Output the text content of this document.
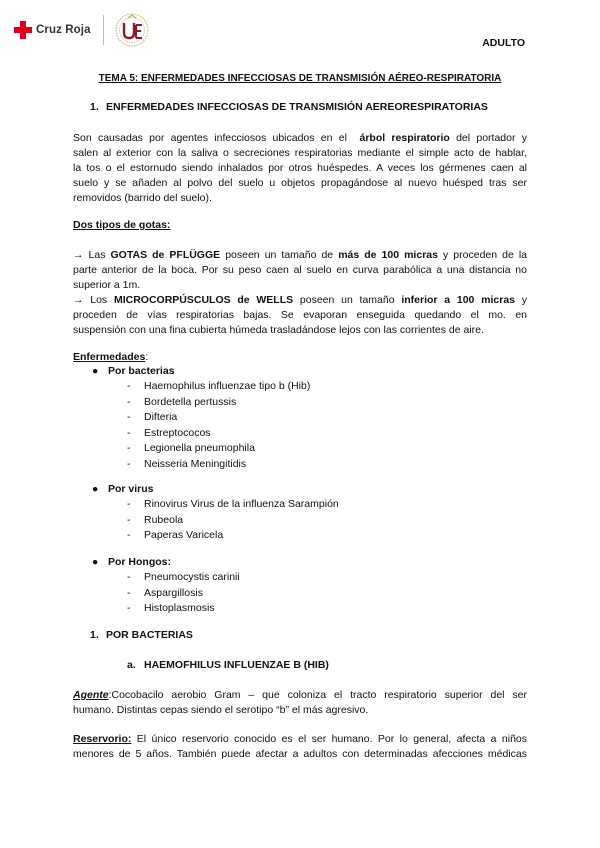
Cruz Roja
ADULTO
TEMA 5: ENFERMEDADES INFECCIOSAS DE TRANSMISIÓN AÉREO-RESPIRATORIA
1. ENFERMEDADES INFECCIOSAS DE TRANSMISIÓN AEREORESPIRATORIAS
Son causadas por agentes infecciosos ubicados en el árbol respiratorio del portador y
salen al exterior con la saliva o secreciones respiratorias mediante el simple acto de hablar,
la tos o el estornudo siendo inhalados por otros huéspedes. A veces los gérmenes caen al
suelo y se añaden al polvo del suelo u objetos propagándose al nuevo huésped tras ser
removidos (barrido del suelo).
Dos tipos de gotas:
→ Las GOTAS de PFLÜGGE poseen un tamaño de más de 100 micras y proceden de la
parte anterior de la boca. Por su peso caen al suelo en curva parabólica a una distancia no
superior a 1m.
→ Los MICROCORPÚSCULOS de WELLS poseen un tamaño inferior a 100 micras y
proceden de vías respiratorias bajas. Se evaporan enseguida quedando el mo. en
suspensión con una fina cubierta húmeda trasladándose lejos con las corrientes de aire.
Enfermedades:
● Por bacterias
- Haemophilus influenzae tipo b (Hib)
- Bordetella pertussis
- Difteria
- Estreptococos
- Legionella pneumophila
- Neisseria Meningitidis
● Por virus
- Rinovirus Virus de la influenza Sarampión
- Rubeola
- Paperas Varicela
● Por Hongos:
- Pneumocystis carinii
- Aspargillosis
- Histoplasmosis
1. POR BACTERIAS
a. HAEMOFHILUS INFLUENZAE B (HIB)
Agente:Cocobacilo aerobio Gram – que coloniza el tracto respiratorio superior del ser
humano. Distintas cepas siendo el serotipo “b” el más agresivo.
Reservorio: El único reservorio conocido es el ser humano. Por lo general, afecta a niños
menores de 5 años. También puede afectar a adultos con determinadas afecciones médicas
